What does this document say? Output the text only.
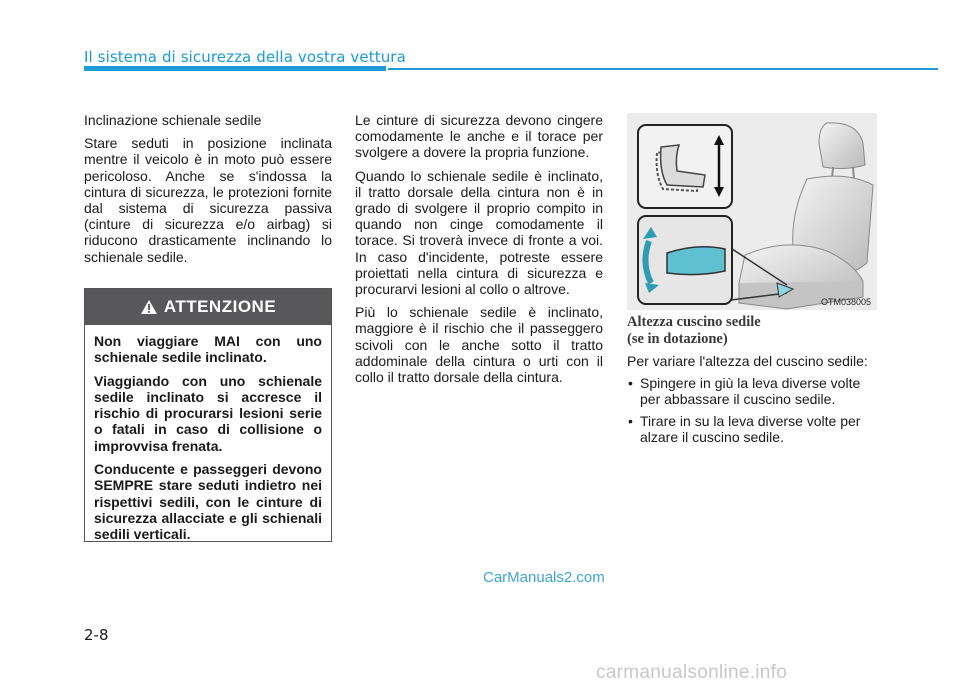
Il sistema di sicurezza della vostra vettura

Inclinazione schienale sedile

Stare seduti in posizione inclinata mentre il veicolo è in moto può essere pericoloso. Anche se s'indossa la cintura di sicurezza, le protezioni fornite dal sistema di sicurezza passiva (cinture di sicurezza e/o airbag) si riducono drasticamente inclinando lo schienale sedile.

ATTENZIONE

Non viaggiare MAI con uno schienale sedile inclinato.

Viaggiando con uno schienale sedile inclinato si accresce il rischio di procurarsi lesioni serie o fatali in caso di collisione o improvvisa frenata.

Conducente e passeggeri devono SEMPRE stare seduti indietro nei rispettivi sedili, con le cinture di sicurezza allacciate e gli schienali sedili verticali.

Le cinture di sicurezza devono cingere comodamente le anche e il torace per svolgere a dovere la propria funzione.

Quando lo schienale sedile è inclinato, il tratto dorsale della cintura non è in grado di svolgere il proprio compito in quando non cinge comodamente il torace. Si troverà invece di fronte a voi. In caso d'incidente, potreste essere proiettati nella cintura di sicurezza e procurarvi lesioni al collo o altrove.

Più lo schienale sedile è inclinato, maggiore è il rischio che il passeggero scivoli con le anche sotto il tratto addominale della cintura o urti con il collo il tratto dorsale della cintura.

OTM038005
Altezza cuscino sedile
(se in dotazione)

Per variare l'altezza del cuscino sedile:

• Spingere in giù la leva diverse volte per abbassare il cuscino sedile.
• Tirare in su la leva diverse volte per alzare il cuscino sedile.
CarManuals2.com
2-8
carmanualsonline.info
